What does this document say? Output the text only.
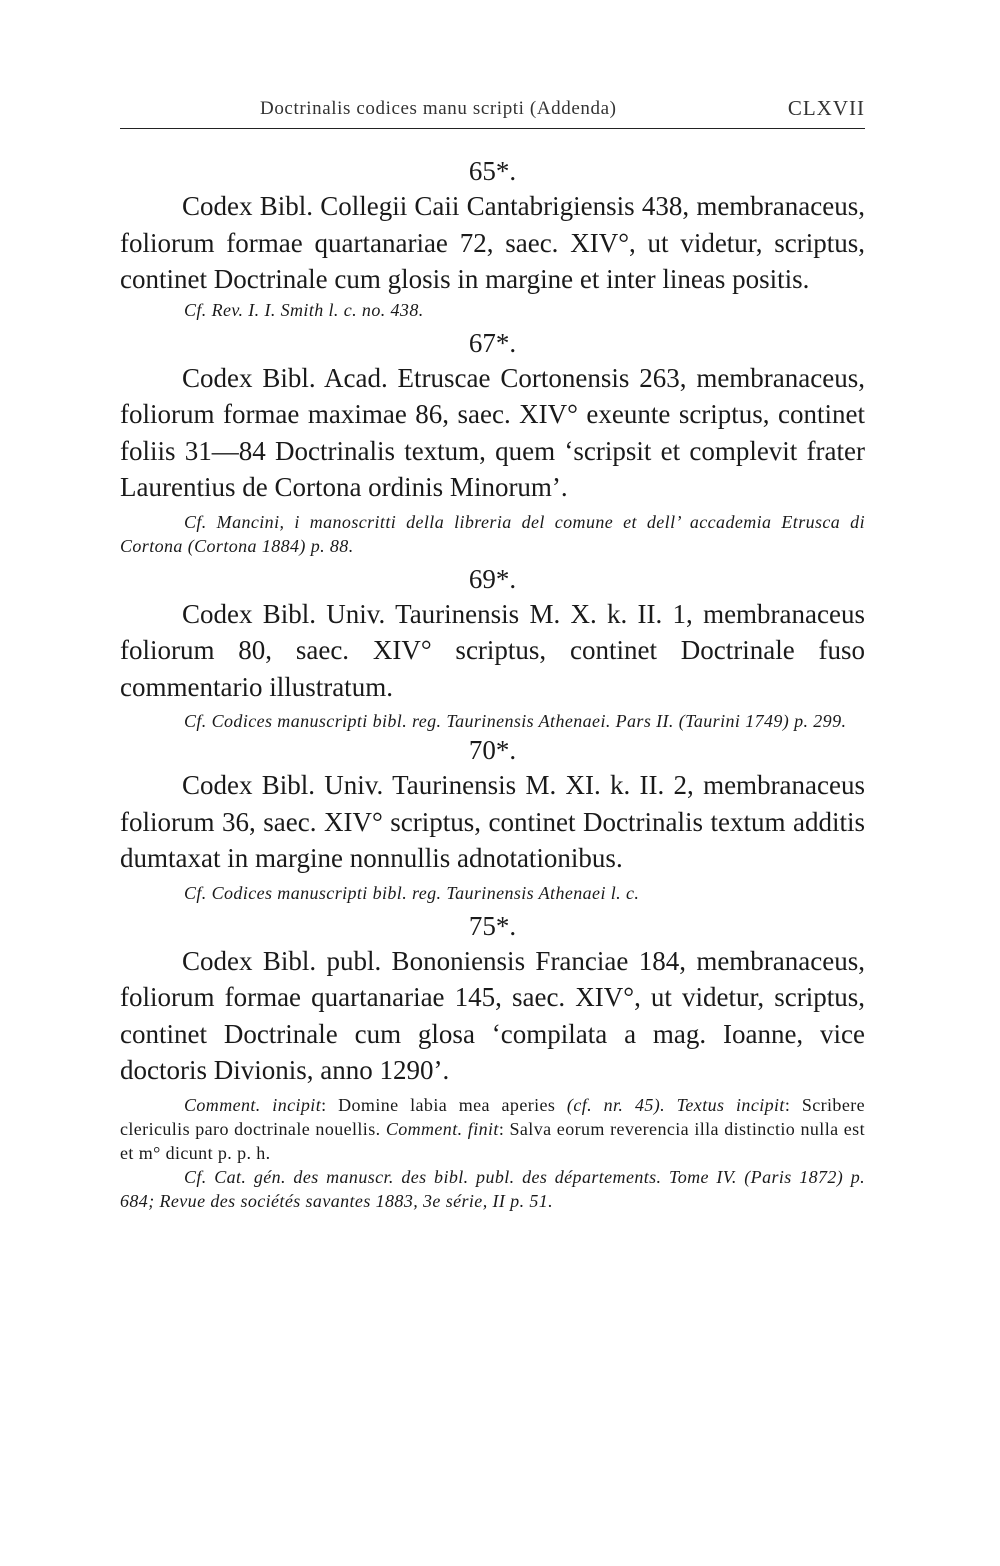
Doctrinalis codices manu scripti (Addenda)	CLXVII

65*.

Codex Bibl. Collegii Caii Cantabrigiensis 438, membranaceus, foliorum formae quartanariae 72, saec. XIV°, ut videtur, scriptus, continet Doctrinale cum glosis in margine et inter lineas positis.

Cf. Rev. I. I. Smith l. c. no. 438.

67*.

Codex Bibl. Acad. Etruscae Cortonensis 263, membranaceus, foliorum formae maximae 86, saec. XIV° exeunte scriptus, continet foliis 31—84 Doctrinalis textum, quem ‘scripsit et complevit frater Laurentius de Cortona ordinis Minorum’.

Cf. Mancini, i manoscritti della libreria del comune et dell’ accademia Etrusca di Cortona (Cortona 1884) p. 88.

69*.

Codex Bibl. Univ. Taurinensis M. X. k. II. 1, membranaceus foliorum 80, saec. XIV° scriptus, continet Doctrinale fuso commentario illustratum.

Cf. Codices manuscripti bibl. reg. Taurinensis Athenaei. Pars II. (Taurini 1749) p. 299.

70*.

Codex Bibl. Univ. Taurinensis M. XI. k. II. 2, membranaceus foliorum 36, saec. XIV° scriptus, continet Doctrinalis textum additis dumtaxat in margine nonnullis adnotationibus.

Cf. Codices manuscripti bibl. reg. Taurinensis Athenaei l. c.

75*.

Codex Bibl. publ. Bononiensis Franciae 184, membranaceus, foliorum formae quartanariae 145, saec. XIV°, ut videtur, scriptus, continet Doctrinale cum glosa ‘compilata a mag. Ioanne, vice doctoris Divionis, anno 1290’.

Comment. incipit: Domine labia mea aperies (cf. nr. 45). Textus incipit: Scribere clericulis paro doctrinale nouellis. Comment. finit: Salva eorum reverencia illa distinctio nulla est et m° dicunt p. p. h.

Cf. Cat. gén. des manuscr. des bibl. publ. des départements. Tome IV. (Paris 1872) p. 684; Revue des sociétés savantes 1883, 3e série, II p. 51.
